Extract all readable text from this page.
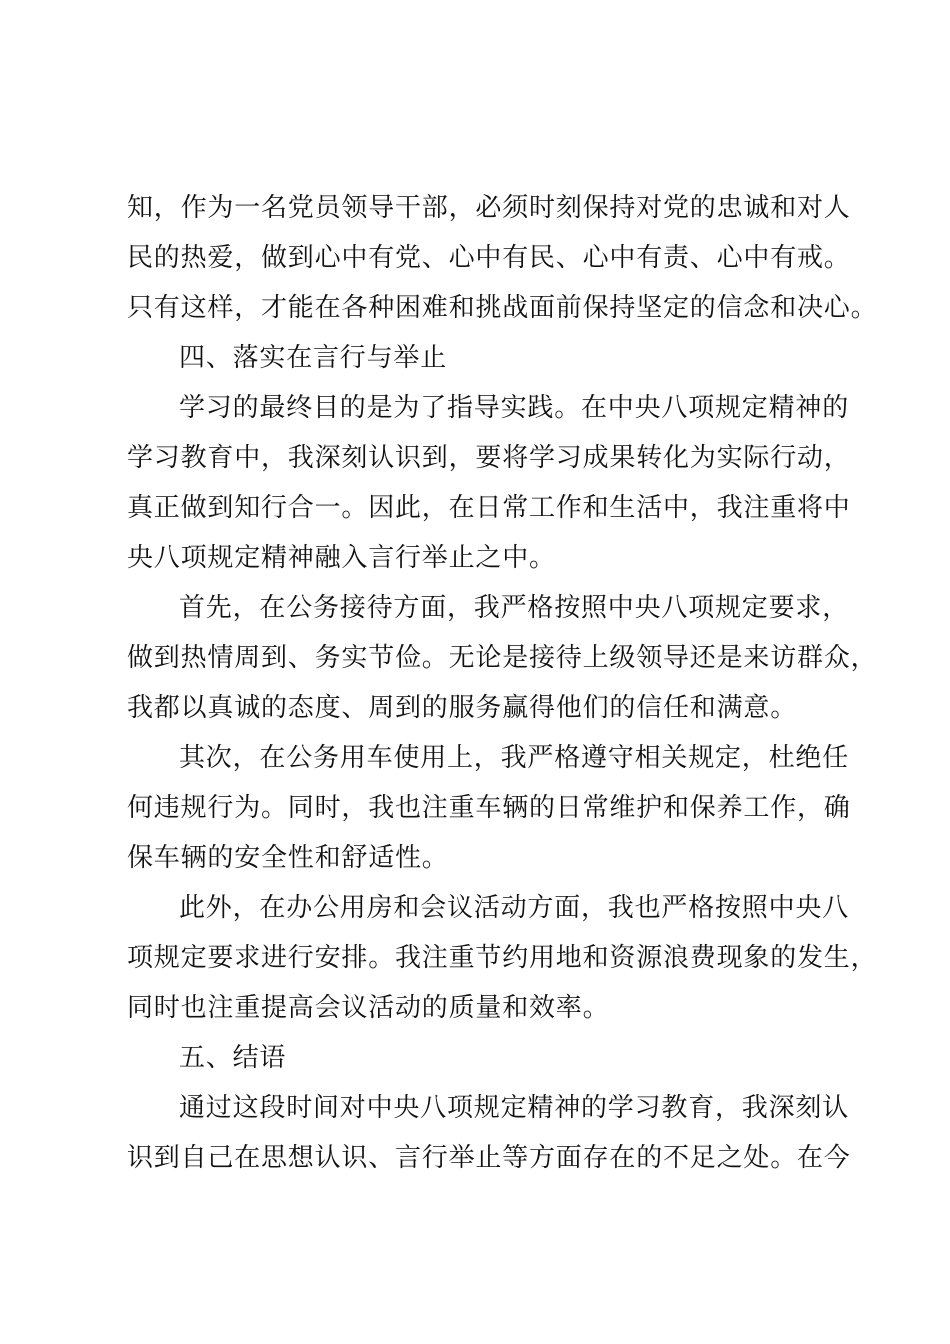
知，作为一名党员领导干部，必须时刻保持对党的忠诚和对人
民的热爱，做到心中有党、心中有民、心中有责、心中有戒。
只有这样，才能在各种困难和挑战面前保持坚定的信念和决心。
四、落实在言行与举止
学习的最终目的是为了指导实践。在中央八项规定精神的
学习教育中，我深刻认识到，要将学习成果转化为实际行动，
真正做到知行合一。因此，在日常工作和生活中，我注重将中
央八项规定精神融入言行举止之中。
首先，在公务接待方面，我严格按照中央八项规定要求，
做到热情周到、务实节俭。无论是接待上级领导还是来访群众，
我都以真诚的态度、周到的服务赢得他们的信任和满意。
其次，在公务用车使用上，我严格遵守相关规定，杜绝任
何违规行为。同时，我也注重车辆的日常维护和保养工作，确
保车辆的安全性和舒适性。
此外，在办公用房和会议活动方面，我也严格按照中央八
项规定要求进行安排。我注重节约用地和资源浪费现象的发生，
同时也注重提高会议活动的质量和效率。
五、结语
通过这段时间对中央八项规定精神的学习教育，我深刻认
识到自己在思想认识、言行举止等方面存在的不足之处。在今
